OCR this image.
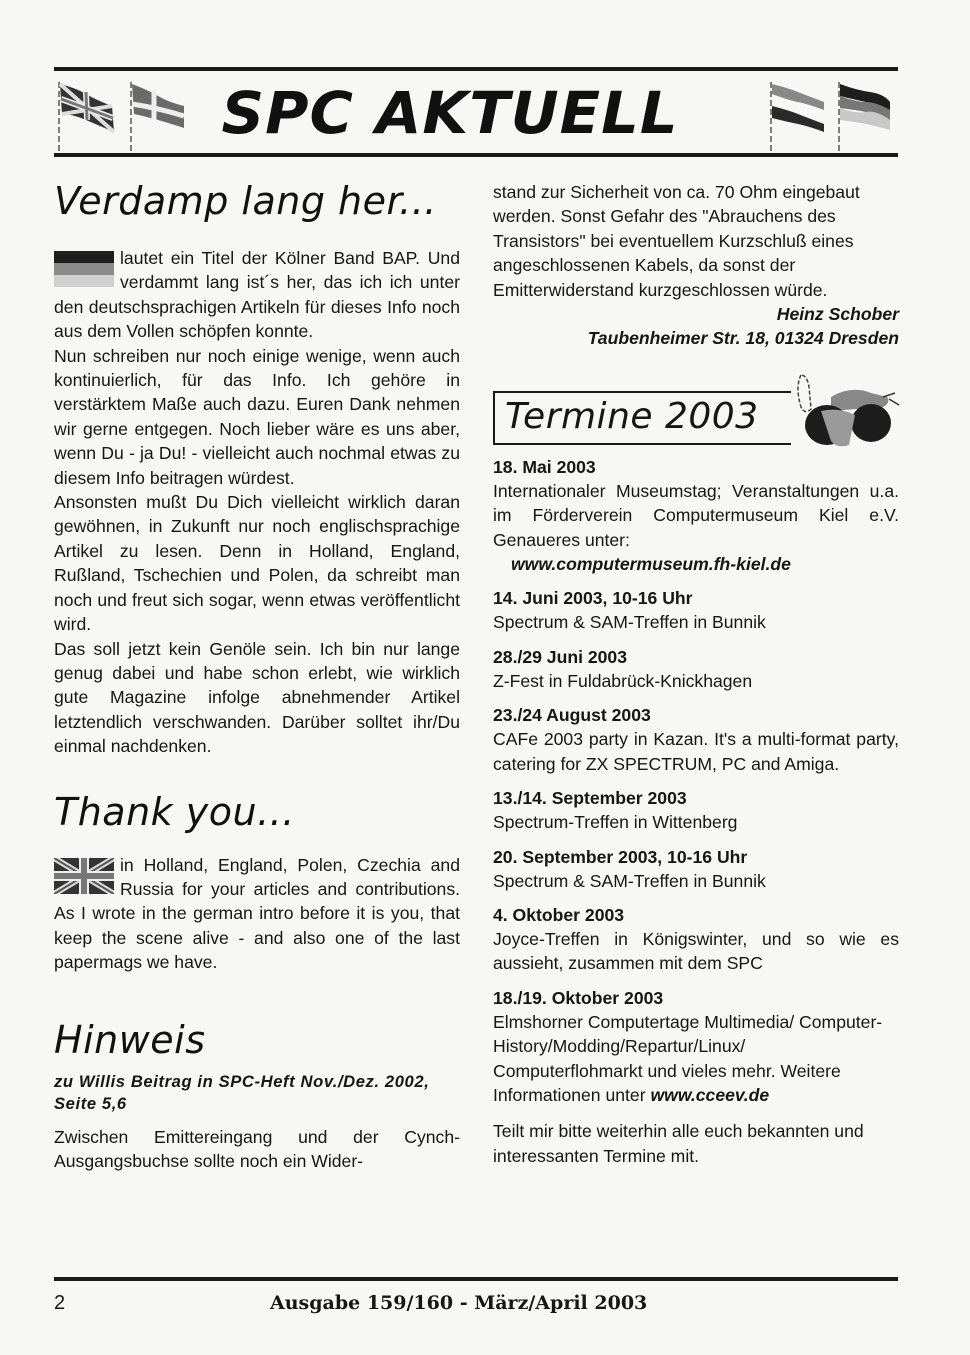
SPC AKTUELL
Verdamp lang her...

lautet ein Titel der Kölner Band BAP. Und verdammt lang ist´s her, das ich ich unter den deutschsprachigen Artikeln für dieses Info noch aus dem Vollen schöpfen konnte.

Nun schreiben nur noch einige wenige, wenn auch kontinuierlich, für das Info. Ich gehöre in verstärktem Maße auch dazu. Euren Dank nehmen wir gerne entgegen. Noch lieber wäre es uns aber, wenn Du - ja Du! - vielleicht auch nochmal etwas zu diesem Info beitragen würdest.

Ansonsten mußt Du Dich vielleicht wirklich daran gewöhnen, in Zukunft nur noch englischsprachige Artikel zu lesen. Denn in Holland, England, Rußland, Tschechien und Polen, da schreibt man noch und freut sich sogar, wenn etwas veröffentlicht wird.

Das soll jetzt kein Genöle sein. Ich bin nur lange genug dabei und habe schon erlebt, wie wirklich gute Magazine infolge abnehmender Artikel letztendlich verschwanden. Darüber solltet ihr/Du einmal nachdenken.

Thank you...

in Holland, England, Polen, Czechia and Russia for your articles and contributions. As I wrote in the german intro before it is you, that keep the scene alive - and also one of the last papermags we have.

Hinweis
zu Willis Beitrag in SPC-Heft Nov./Dez. 2002, Seite 5,6

Zwischen Emittereingang und der Cynch-Ausgangsbuchse sollte noch ein Wider-

stand zur Sicherheit von ca. 70 Ohm eingebaut werden. Sonst Gefahr des "Abrauchens des Transistors" bei eventuellem Kurzschluß eines angeschlossenen Kabels, da sonst der Emitterwiderstand kurzgeschlossen würde.

Heinz Schober
Taubenheimer Str. 18, 01324 Dresden
Termine 2003
18. Mai 2003
Internationaler Museumstag; Veranstaltungen u.a. im Förderverein Computermuseum Kiel e.V. Genaueres unter:
www.computermuseum.fh-kiel.de
14. Juni 2003, 10-16 Uhr
Spectrum & SAM-Treffen in Bunnik
28./29 Juni 2003
Z-Fest in Fuldabrück-Knickhagen
23./24 August 2003
CAFe 2003 party in Kazan. It's a multi-format party, catering for ZX SPECTRUM, PC and Amiga.
13./14. September 2003
Spectrum-Treffen in Wittenberg
20. September 2003, 10-16 Uhr
Spectrum & SAM-Treffen in Bunnik
4. Oktober 2003
Joyce-Treffen in Königswinter, und so wie es aussieht, zusammen mit dem SPC
18./19. Oktober 2003
Elmshorner Computertage Multimedia/ Computer-History/Modding/Repartur/Linux/ Computerflohmarkt und vieles mehr. Weitere Informationen unter www.cceev.de
Teilt mir bitte weiterhin alle euch bekannten und interessanten Termine mit.
2	Ausgabe 159/160 - März/April 2003
